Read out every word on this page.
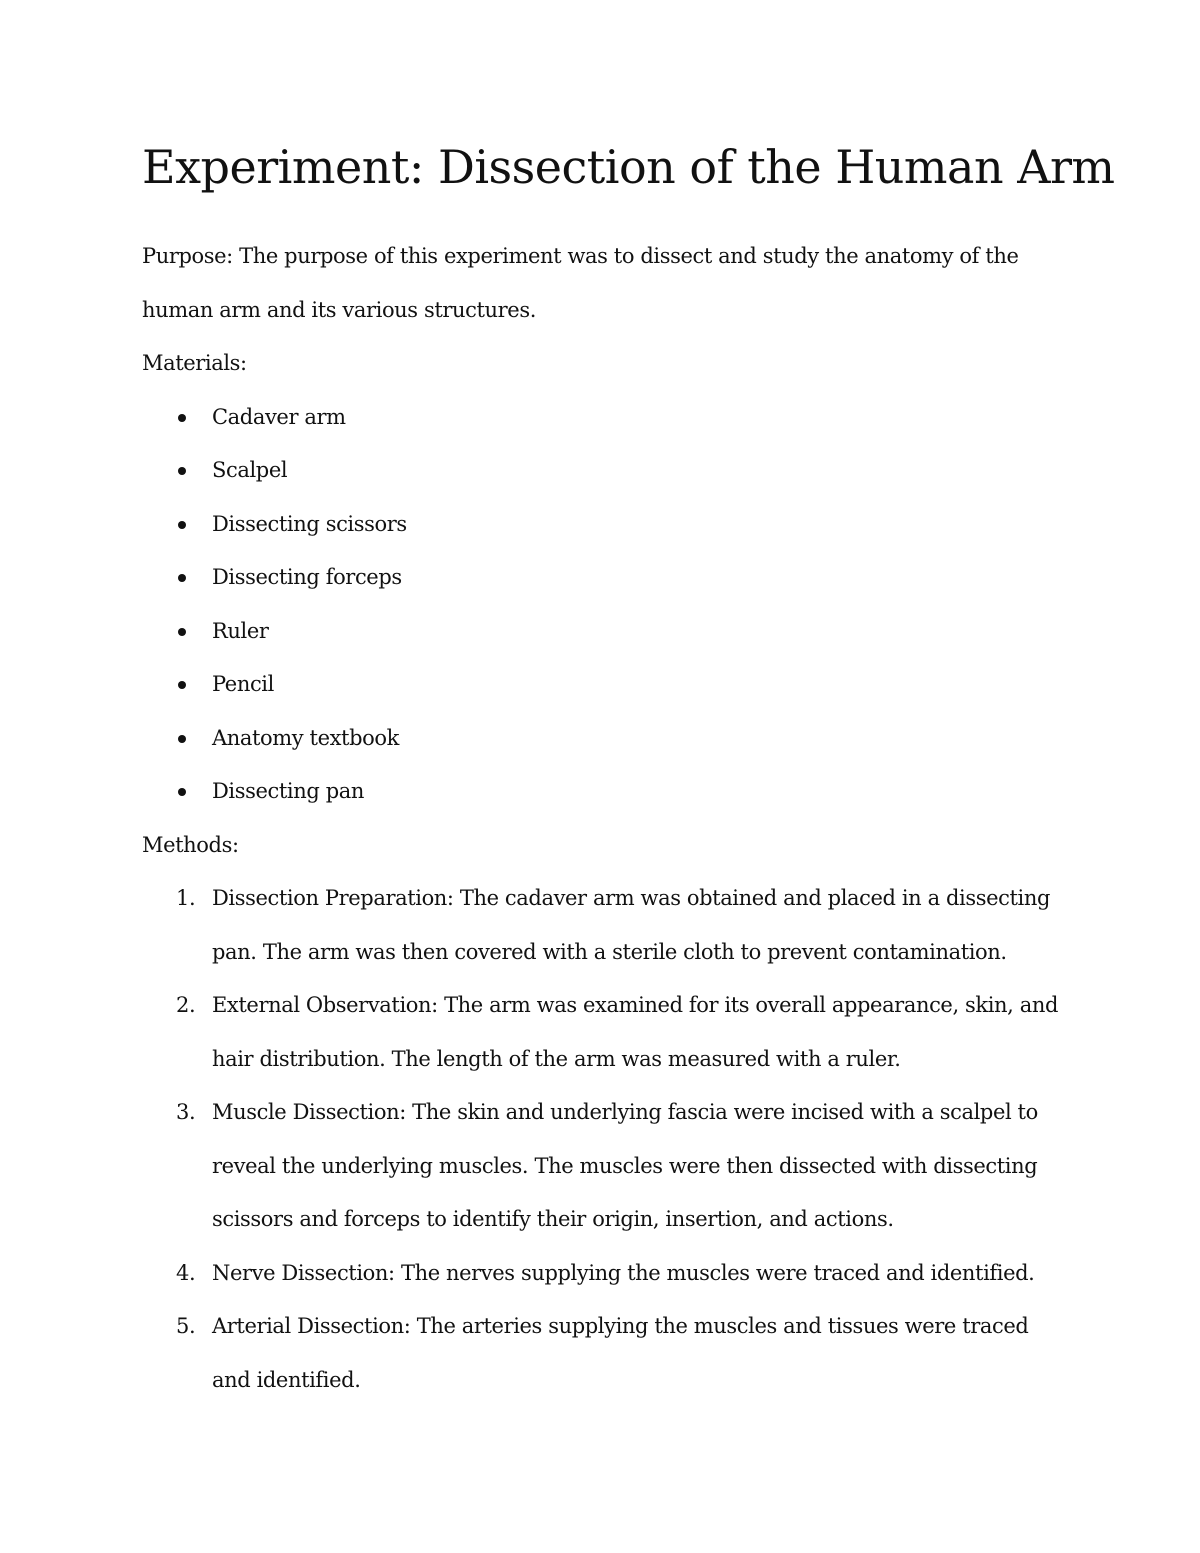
Experiment: Dissection of the Human Arm

Purpose: The purpose of this experiment was to dissect and study the anatomy of the human arm and its various structures.

Materials:

Cadaver arm
Scalpel
Dissecting scissors
Dissecting forceps
Ruler
Pencil
Anatomy textbook
Dissecting pan

Methods:

1. Dissection Preparation: The cadaver arm was obtained and placed in a dissecting pan. The arm was then covered with a sterile cloth to prevent contamination.
2. External Observation: The arm was examined for its overall appearance, skin, and hair distribution. The length of the arm was measured with a ruler.
3. Muscle Dissection: The skin and underlying fascia were incised with a scalpel to reveal the underlying muscles. The muscles were then dissected with dissecting scissors and forceps to identify their origin, insertion, and actions.
4. Nerve Dissection: The nerves supplying the muscles were traced and identified.
5. Arterial Dissection: The arteries supplying the muscles and tissues were traced and identified.
